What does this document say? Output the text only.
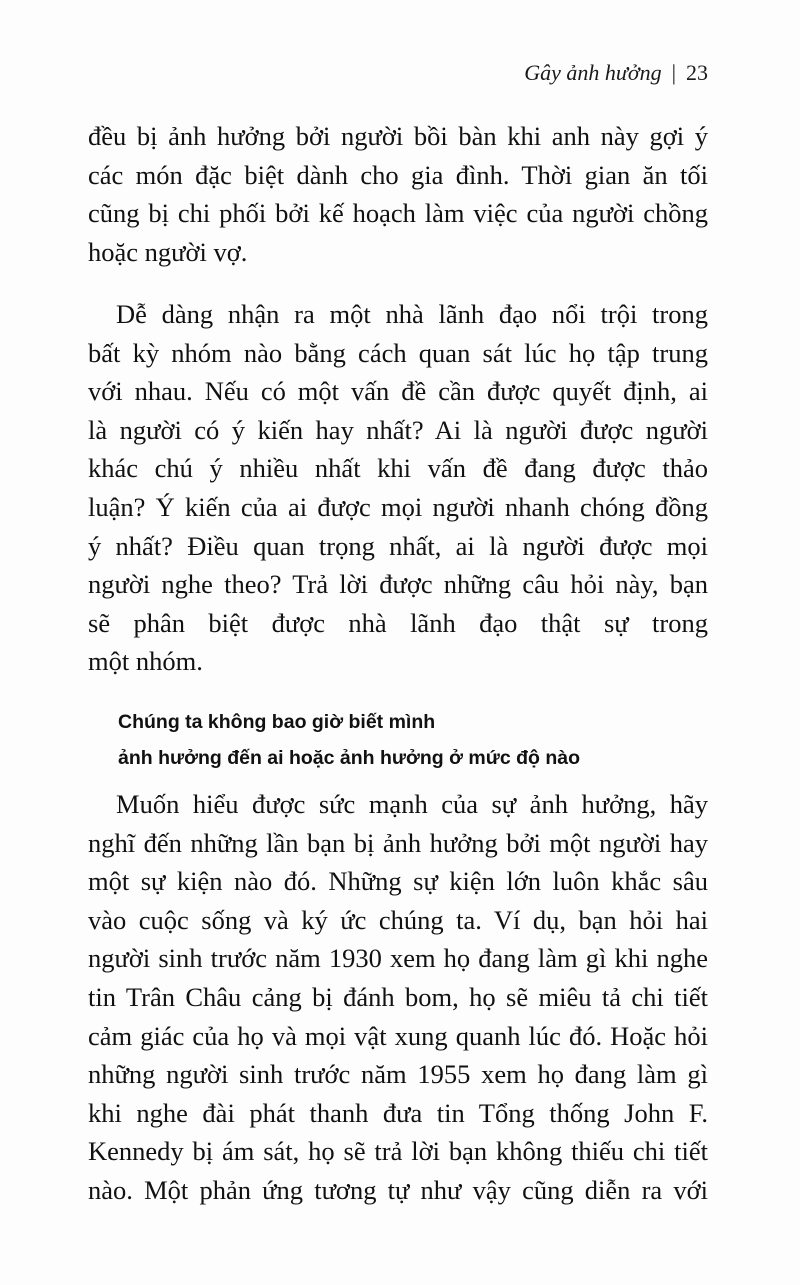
Gây ảnh hưởng | 23
đều bị ảnh hưởng bởi người bồi bàn khi anh này gợi ý
các món đặc biệt dành cho gia đình. Thời gian ăn tối
cũng bị chi phối bởi kế hoạch làm việc của người chồng
hoặc người vợ.
Dễ dàng nhận ra một nhà lãnh đạo nổi trội trong
bất kỳ nhóm nào bằng cách quan sát lúc họ tập trung
với nhau. Nếu có một vấn đề cần được quyết định, ai
là người có ý kiến hay nhất? Ai là người được người
khác chú ý nhiều nhất khi vấn đề đang được thảo
luận? Ý kiến của ai được mọi người nhanh chóng đồng
ý nhất? Điều quan trọng nhất, ai là người được mọi
người nghe theo? Trả lời được những câu hỏi này, bạn
sẽ phân biệt được nhà lãnh đạo thật sự trong
một nhóm.
Chúng ta không bao giờ biết mình
ảnh hưởng đến ai hoặc ảnh hưởng ở mức độ nào
Muốn hiểu được sức mạnh của sự ảnh hưởng, hãy
nghĩ đến những lần bạn bị ảnh hưởng bởi một người hay
một sự kiện nào đó. Những sự kiện lớn luôn khắc sâu
vào cuộc sống và ký ức chúng ta. Ví dụ, bạn hỏi hai
người sinh trước năm 1930 xem họ đang làm gì khi nghe
tin Trân Châu cảng bị đánh bom, họ sẽ miêu tả chi tiết
cảm giác của họ và mọi vật xung quanh lúc đó. Hoặc hỏi
những người sinh trước năm 1955 xem họ đang làm gì
khi nghe đài phát thanh đưa tin Tổng thống John F.
Kennedy bị ám sát, họ sẽ trả lời bạn không thiếu chi tiết
nào. Một phản ứng tương tự như vậy cũng diễn ra với
